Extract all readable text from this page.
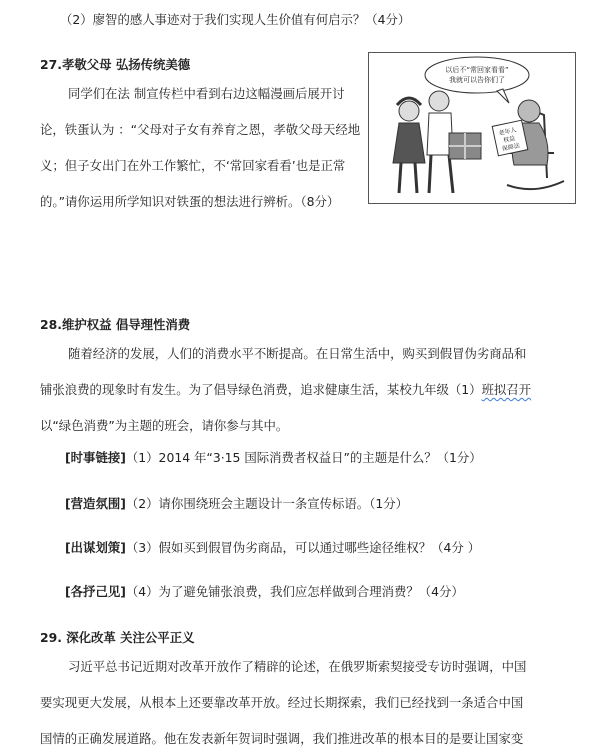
（2）廖智的感人事迹对于我们实现人生价值有何启示？（4分）
27.孝敬父母 弘扬传统美德
同学们在法 制宣传栏中看到右边这幅漫画后展开讨
论，铁蛋认为 ：“父母对子女有养育之恩，孝敬父母天经地
义；但子女出门在外工作繁忙，不‘常回家看看’也是正常
的。”请你运用所学知识对铁蛋的想法进行辨析。（8分）
以后不“常回家看看”
我就可以告你们了
老年人
权益
保障法
28.维护权益 倡导理性消费
随着经济的发展，人们的消费水平不断提高。在日常生活中，购买到假冒伪劣商品和
铺张浪费的现象时有发生。为了倡导绿色消费，追求健康生活，某校九年级（1）班拟召开
以“绿色消费”为主题的班会，请你参与其中。
[时事链接]（1）2014 年“3·15 国际消费者权益日”的主题是什么？（1分）
[营造氛围]（2）请你围绕班会主题设计一条宣传标语。（1分）
[出谋划策]（3）假如买到假冒伪劣商品，可以通过哪些途径维权？（4分 ）
[各抒己见]（4）为了避免铺张浪费，我们应怎样做到合理消费？（4分）
29. 深化改革 关注公平正义
习近平总书记近期对改革开放作了精辟的论述，在俄罗斯索契接受专访时强调，中国
要实现更大发展，从根本上还要靠改革开放。经过长期探索，我们已经找到一条适合中国
国情的正确发展道路。他在发表新年贺词时强调，我们推进改革的根本目的是要让国家变
